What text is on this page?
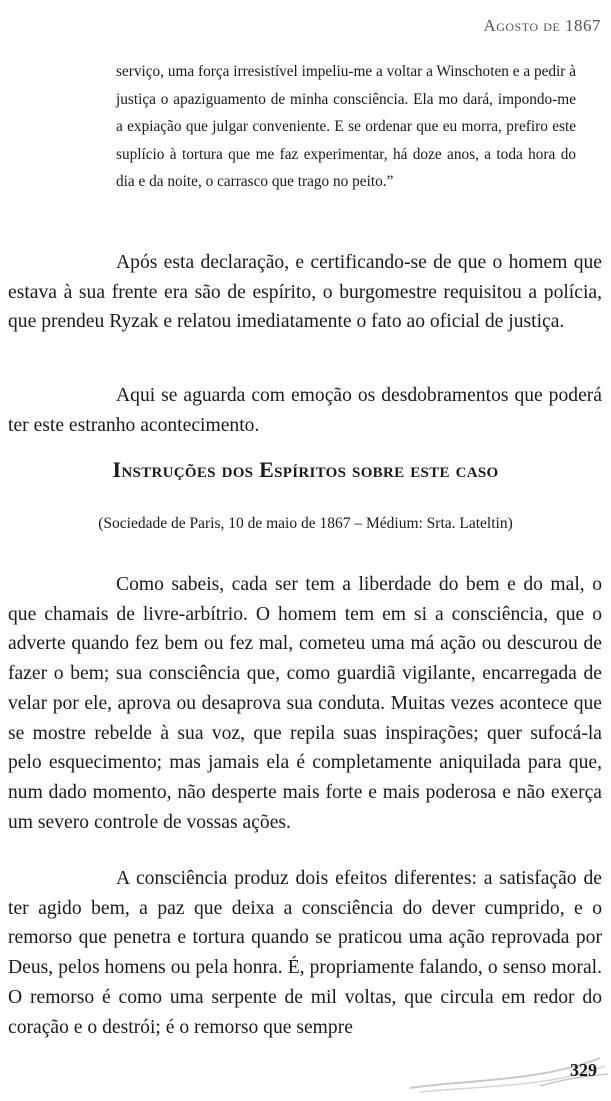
Agosto de 1867

serviço, uma força irresistível impeliu-me a voltar a Winschoten e a pedir à justiça o apaziguamento de minha consciência. Ela mo dará, impondo-me a expiação que julgar conveniente. E se ordenar que eu morra, prefiro este suplício à tortura que me faz experimentar, há doze anos, a toda hora do dia e da noite, o carrasco que trago no peito.”

Após esta declaração, e certificando-se de que o homem que estava à sua frente era são de espírito, o burgomestre requisitou a polícia, que prendeu Ryzak e relatou imediatamente o fato ao oficial de justiça.

Aqui se aguarda com emoção os desdobramentos que poderá ter este estranho acontecimento.

Instruções dos Espíritos sobre este caso

(Sociedade de Paris, 10 de maio de 1867 – Médium: Srta. Lateltin)

Como sabeis, cada ser tem a liberdade do bem e do mal, o que chamais de livre-arbítrio. O homem tem em si a consciência, que o adverte quando fez bem ou fez mal, cometeu uma má ação ou descurou de fazer o bem; sua consciência que, como guardiã vigilante, encarregada de velar por ele, aprova ou desaprova sua conduta. Muitas vezes acontece que se mostre rebelde à sua voz, que repila suas inspirações; quer sufocá-la pelo esquecimento; mas jamais ela é completamente aniquilada para que, num dado momento, não desperte mais forte e mais poderosa e não exerça um severo controle de vossas ações.

A consciência produz dois efeitos diferentes: a satisfação de ter agido bem, a paz que deixa a consciência do dever cumprido, e o remorso que penetra e tortura quando se praticou uma ação reprovada por Deus, pelos homens ou pela honra. É, propriamente falando, o senso moral. O remorso é como uma serpente de mil voltas, que circula em redor do coração e o destrói; é o remorso que sempre

329
